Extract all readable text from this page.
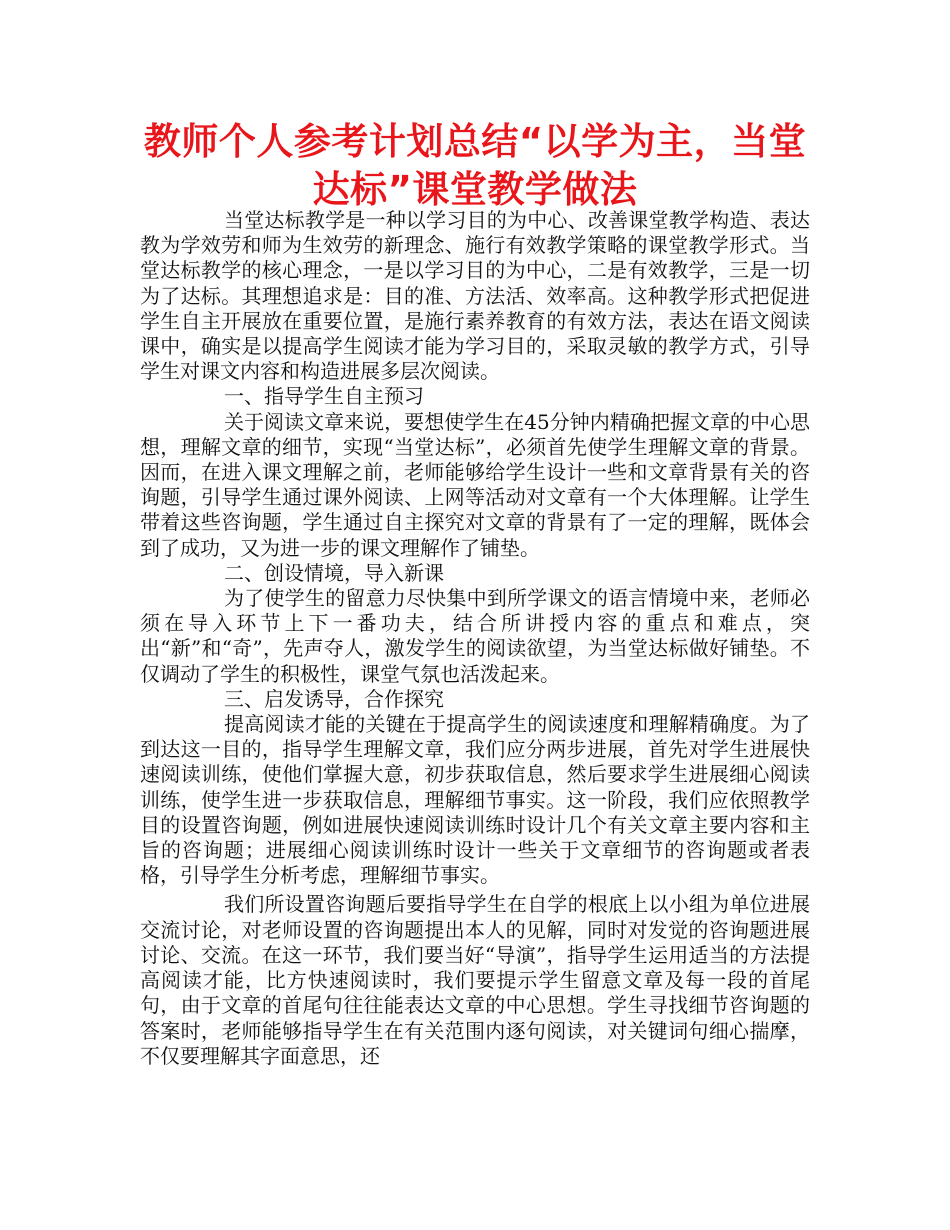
教师个人参考计划总结“以学为主，当堂
达标”课堂教学做法

当堂达标教学是一种以学习目的为中心、改善课堂教学构造、表达教为学效劳和师为生效劳的新理念、施行有效教学策略的课堂教学形式。当堂达标教学的核心理念，一是以学习目的为中心，二是有效教学，三是一切为了达标。其理想追求是：目的准、方法活、效率高。这种教学形式把促进学生自主开展放在重要位置，是施行素养教育的有效方法，表达在语文阅读课中，确实是以提高学生阅读才能为学习目的，采取灵敏的教学方式，引导学生对课文内容和构造进展多层次阅读。

一、指导学生自主预习

关于阅读文章来说，要想使学生在45分钟内精确把握文章的中心思想，理解文章的细节，实现“当堂达标”，必须首先使学生理解文章的背景。因而，在进入课文理解之前，老师能够给学生设计一些和文章背景有关的咨询题，引导学生通过课外阅读、上网等活动对文章有一个大体理解。让学生带着这些咨询题，学生通过自主探究对文章的背景有了一定的理解，既体会到了成功，又为进一步的课文理解作了铺垫。

二、创设情境，导入新课

为了使学生的留意力尽快集中到所学课文的语言情境中来，老师必须在导入环节上下一番功夫，结合所讲授内容的重点和难点，突出“新”和“奇”，先声夺人，激发学生的阅读欲望，为当堂达标做好铺垫。不仅调动了学生的积极性，课堂气氛也活泼起来。

三、启发诱导，合作探究

提高阅读才能的关键在于提高学生的阅读速度和理解精确度。为了到达这一目的，指导学生理解文章，我们应分两步进展，首先对学生进展快速阅读训练，使他们掌握大意，初步获取信息，然后要求学生进展细心阅读训练，使学生进一步获取信息，理解细节事实。这一阶段，我们应依照教学目的设置咨询题，例如进展快速阅读训练时设计几个有关文章主要内容和主旨的咨询题；进展细心阅读训练时设计一些关于文章细节的咨询题或者表格，引导学生分析考虑，理解细节事实。

我们所设置咨询题后要指导学生在自学的根底上以小组为单位进展交流讨论，对老师设置的咨询题提出本人的见解，同时对发觉的咨询题进展讨论、交流。在这一环节，我们要当好“导演”，指导学生运用适当的方法提高阅读才能，比方快速阅读时，我们要提示学生留意文章及每一段的首尾句，由于文章的首尾句往往能表达文章的中心思想。学生寻找细节咨询题的答案时，老师能够指导学生在有关范围内逐句阅读，对关键词句细心揣摩，不仅要理解其字面意思，还
